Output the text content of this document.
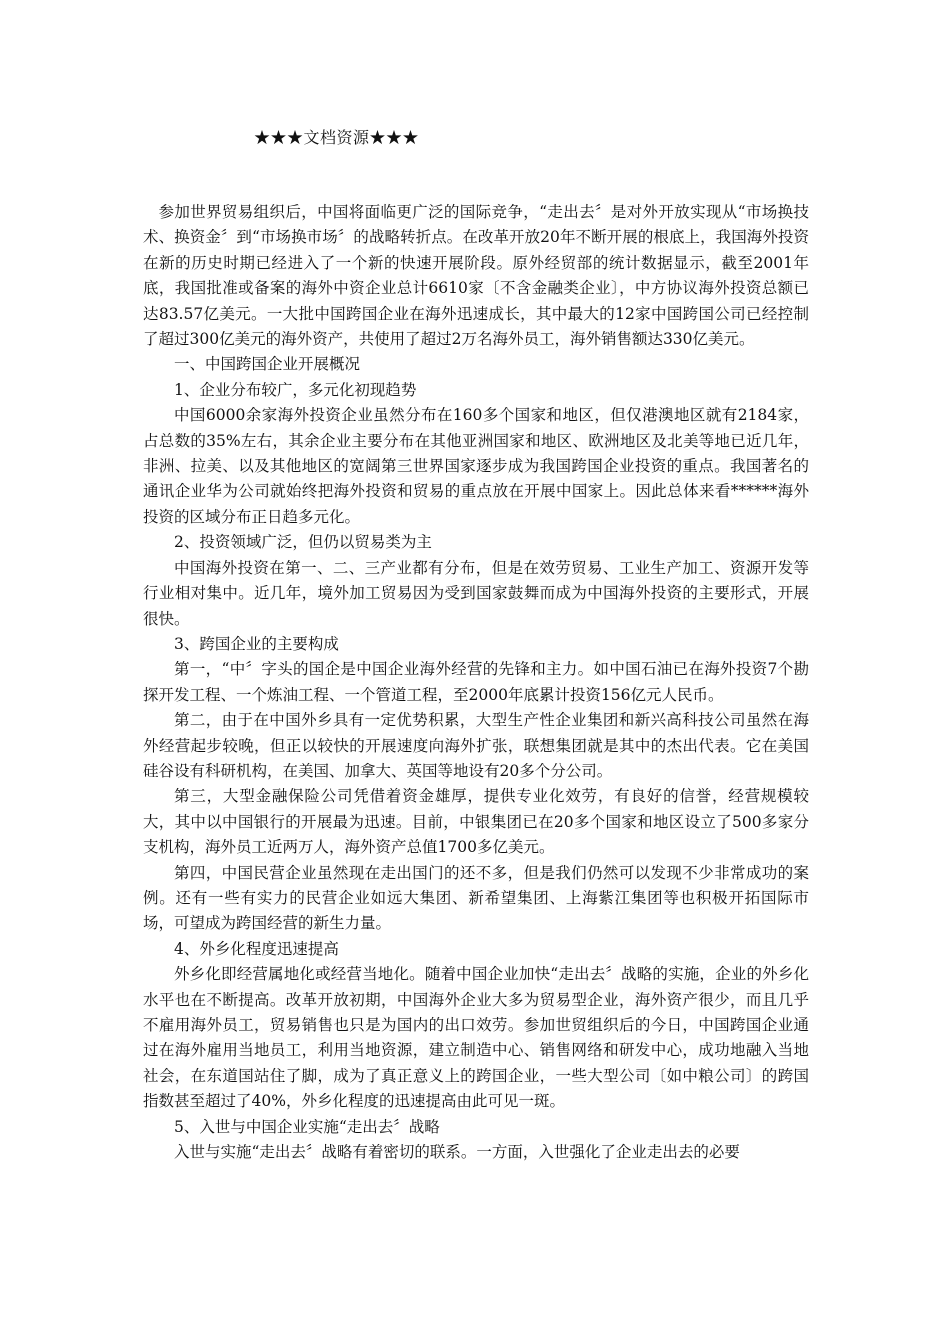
★★★文档资源★★★

参加世界贸易组织后，中国将面临更广泛的国际竞争，“走出去〞是对外开放实现从“市场换技术、换资金〞到“市场换市场〞的战略转折点。在改革开放20年不断开展的根底上，我国海外投资在新的历史时期已经进入了一个新的快速开展阶段。原外经贸部的统计数据显示，截至2001年底，我国批准或备案的海外中资企业总计6610家〔不含金融类企业〕，中方协议海外投资总额已达83.57亿美元。一大批中国跨国企业在海外迅速成长，其中最大的12家中国跨国公司已经控制了超过300亿美元的海外资产，共使用了超过2万名海外员工，海外销售额达330亿美元。

一、中国跨国企业开展概况

1、企业分布较广，多元化初现趋势

中国6000余家海外投资企业虽然分布在160多个国家和地区，但仅港澳地区就有2184家，占总数的35%左右，其余企业主要分布在其他亚洲国家和地区、欧洲地区及北美等地已近几年，非洲、拉美、以及其他地区的宽阔第三世界国家逐步成为我国跨国企业投资的重点。我国著名的通讯企业华为公司就始终把海外投资和贸易的重点放在开展中国家上。因此总体来看******海外投资的区域分布正日趋多元化。

2、投资领域广泛，但仍以贸易类为主

中国海外投资在第一、二、三产业都有分布，但是在效劳贸易、工业生产加工、资源开发等行业相对集中。近几年，境外加工贸易因为受到国家鼓舞而成为中国海外投资的主要形式，开展很快。

3、跨国企业的主要构成

第一，“中〞字头的国企是中国企业海外经营的先锋和主力。如中国石油已在海外投资7个勘探开发工程、一个炼油工程、一个管道工程，至2000年底累计投资156亿元人民币。

第二，由于在中国外乡具有一定优势积累，大型生产性企业集团和新兴高科技公司虽然在海外经营起步较晚，但正以较快的开展速度向海外扩张，联想集团就是其中的杰出代表。它在美国硅谷设有科研机构，在美国、加拿大、英国等地设有20多个分公司。

第三，大型金融保险公司凭借着资金雄厚，提供专业化效劳，有良好的信誉，经营规模较大，其中以中国银行的开展最为迅速。目前，中银集团已在20多个国家和地区设立了500多家分支机构，海外员工近两万人，海外资产总值1700多亿美元。

第四，中国民营企业虽然现在走出国门的还不多，但是我们仍然可以发现不少非常成功的案例。还有一些有实力的民营企业如远大集团、新希望集团、上海紫江集团等也积极开拓国际市场，可望成为跨国经营的新生力量。

4、外乡化程度迅速提高

外乡化即经营属地化或经营当地化。随着中国企业加快“走出去〞战略的实施，企业的外乡化水平也在不断提高。改革开放初期，中国海外企业大多为贸易型企业，海外资产很少，而且几乎不雇用海外员工，贸易销售也只是为国内的出口效劳。参加世贸组织后的今日，中国跨国企业通过在海外雇用当地员工，利用当地资源，建立制造中心、销售网络和研发中心，成功地融入当地社会，在东道国站住了脚，成为了真正意义上的跨国企业，一些大型公司〔如中粮公司〕的跨国指数甚至超过了40%，外乡化程度的迅速提高由此可见一斑。

5、入世与中国企业实施“走出去〞战略

入世与实施“走出去〞战略有着密切的联系。一方面，入世强化了企业走出去的必要
